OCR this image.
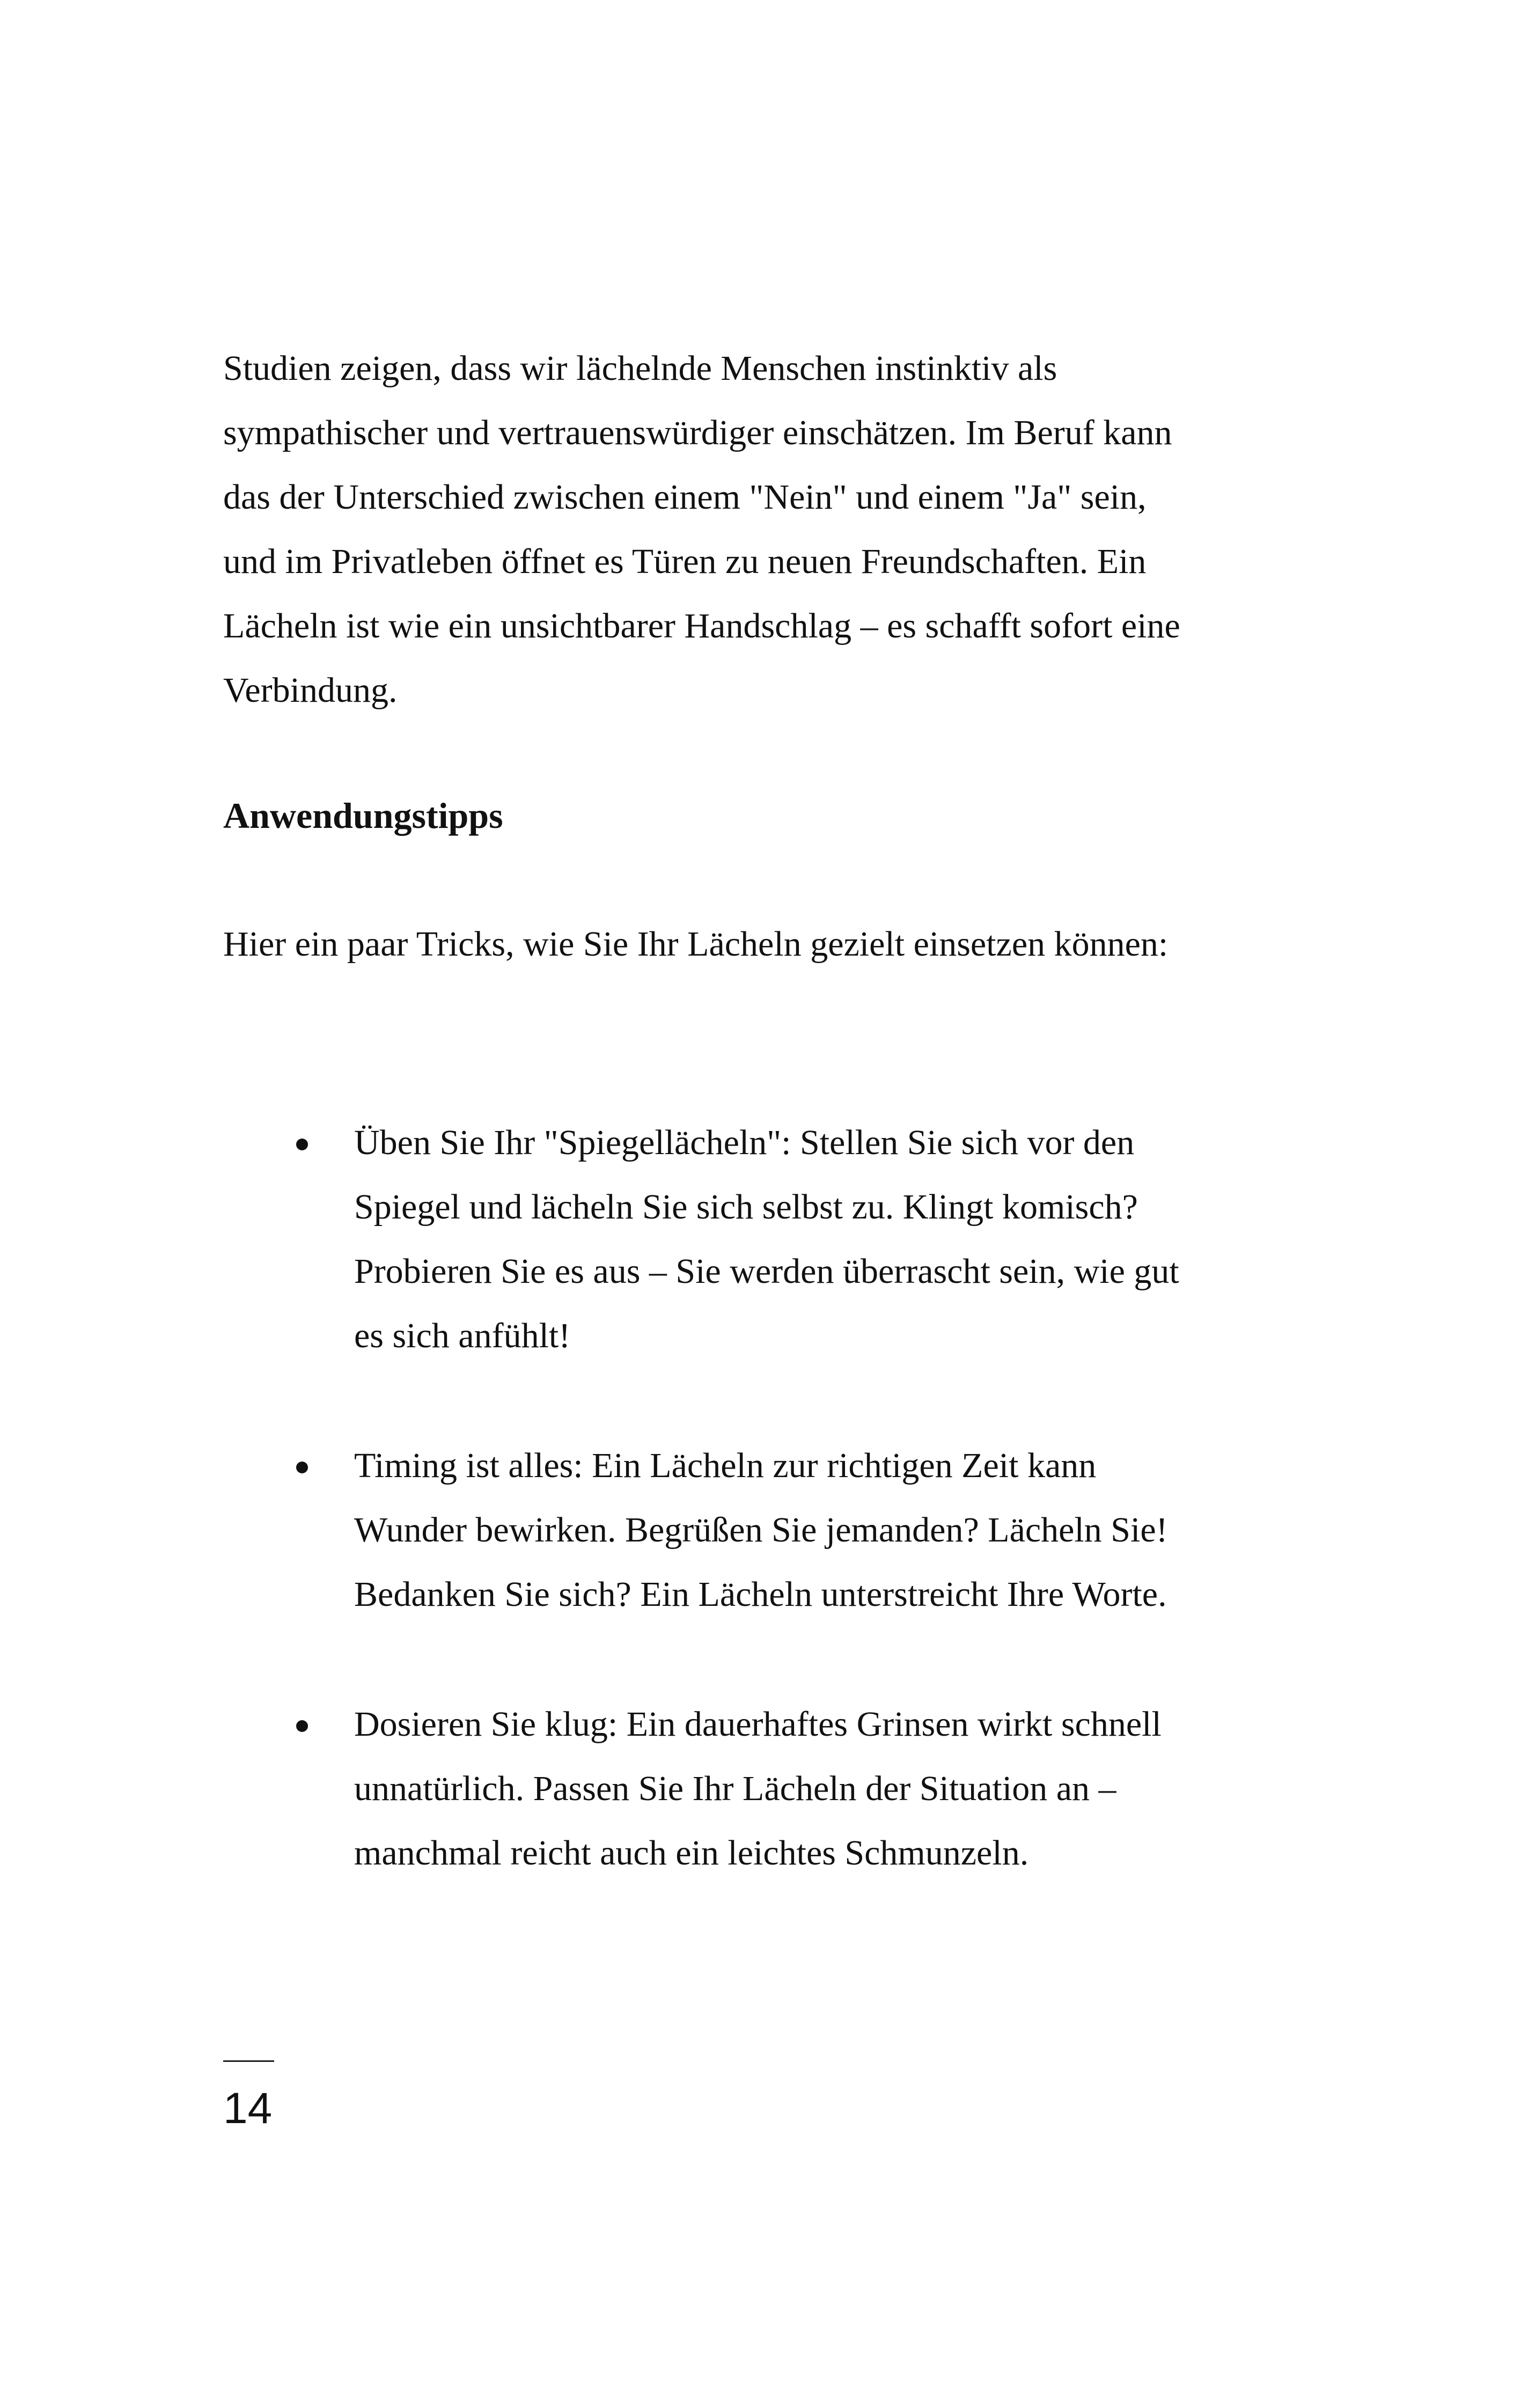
Studien zeigen, dass wir lächelnde Menschen instinktiv als sympathischer und vertrauenswürdiger einschätzen. Im Beruf kann das der Unterschied zwischen einem "Nein" und einem "Ja" sein, und im Privatleben öffnet es Türen zu neuen Freundschaften. Ein Lächeln ist wie ein unsichtbarer Handschlag – es schafft sofort eine Verbindung.

Anwendungstipps

Hier ein paar Tricks, wie Sie Ihr Lächeln gezielt einsetzen können:

Üben Sie Ihr "Spiegellächeln": Stellen Sie sich vor den Spiegel und lächeln Sie sich selbst zu. Klingt komisch? Probieren Sie es aus – Sie werden überrascht sein, wie gut es sich anfühlt!
Timing ist alles: Ein Lächeln zur richtigen Zeit kann Wunder bewirken. Begrüßen Sie jemanden? Lächeln Sie! Bedanken Sie sich? Ein Lächeln unterstreicht Ihre Worte.
Dosieren Sie klug: Ein dauerhaftes Grinsen wirkt schnell unnatürlich. Passen Sie Ihr Lächeln der Situation an – manchmal reicht auch ein leichtes Schmunzeln.
14
